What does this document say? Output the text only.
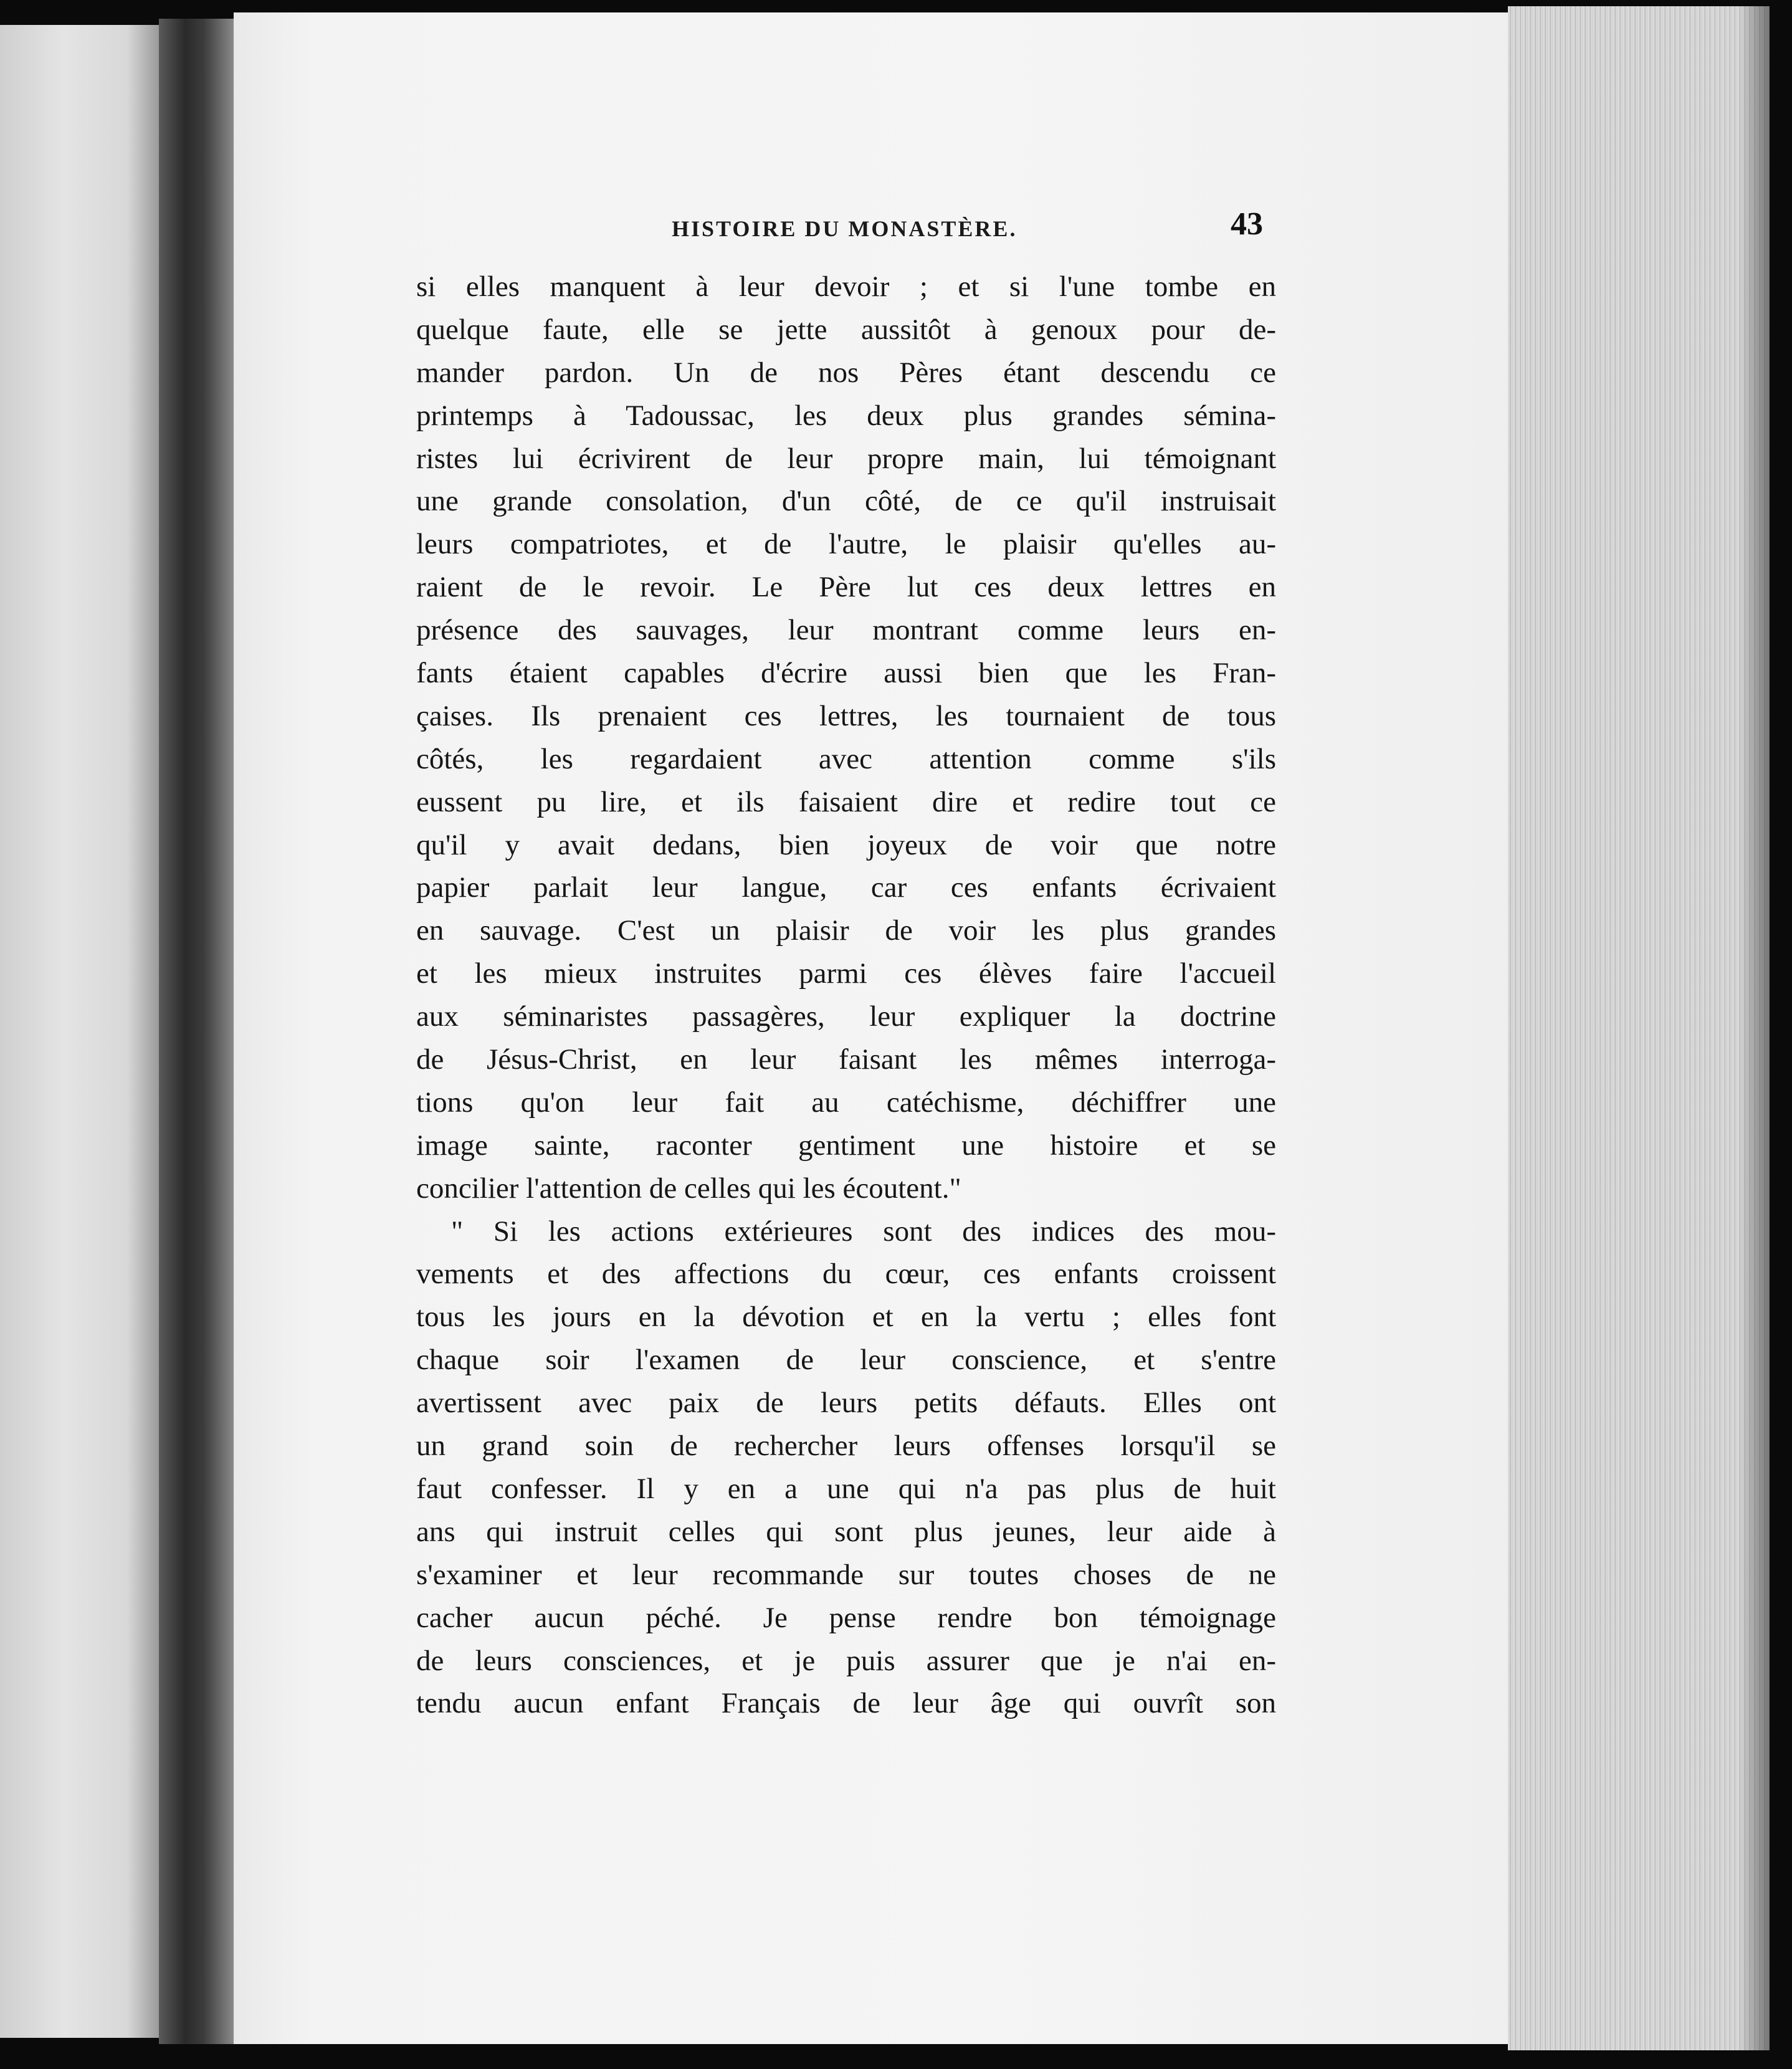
HISTOIRE DU MONASTÈRE.	43
si elles manquent à leur devoir ; et si l'une tombe en
quelque faute, elle se jette aussitôt à genoux pour de-
mander pardon. Un de nos Pères étant descendu ce
printemps à Tadoussac, les deux plus grandes sémina-
ristes lui écrivirent de leur propre main, lui témoignant
une grande consolation, d'un côté, de ce qu'il instruisait
leurs compatriotes, et de l'autre, le plaisir qu'elles au-
raient de le revoir. Le Père lut ces deux lettres en
présence des sauvages, leur montrant comme leurs en-
fants étaient capables d'écrire aussi bien que les Fran-
çaises. Ils prenaient ces lettres, les tournaient de tous
côtés, les regardaient avec attention comme s'ils
eussent pu lire, et ils faisaient dire et redire tout ce
qu'il y avait dedans, bien joyeux de voir que notre
papier parlait leur langue, car ces enfants écrivaient
en sauvage. C'est un plaisir de voir les plus grandes
et les mieux instruites parmi ces élèves faire l'accueil
aux séminaristes passagères, leur expliquer la doctrine
de Jésus-Christ, en leur faisant les mêmes interroga-
tions qu'on leur fait au catéchisme, déchiffrer une
image sainte, raconter gentiment une histoire et se
concilier l'attention de celles qui les écoutent."
" Si les actions extérieures sont des indices des mou-
vements et des affections du cœur, ces enfants croissent
tous les jours en la dévotion et en la vertu ; elles font
chaque soir l'examen de leur conscience, et s'entre
avertissent avec paix de leurs petits défauts. Elles ont
un grand soin de rechercher leurs offenses lorsqu'il se
faut confesser. Il y en a une qui n'a pas plus de huit
ans qui instruit celles qui sont plus jeunes, leur aide à
s'examiner et leur recommande sur toutes choses de ne
cacher aucun péché. Je pense rendre bon témoignage
de leurs consciences, et je puis assurer que je n'ai en-
tendu aucun enfant Français de leur âge qui ouvrît son
